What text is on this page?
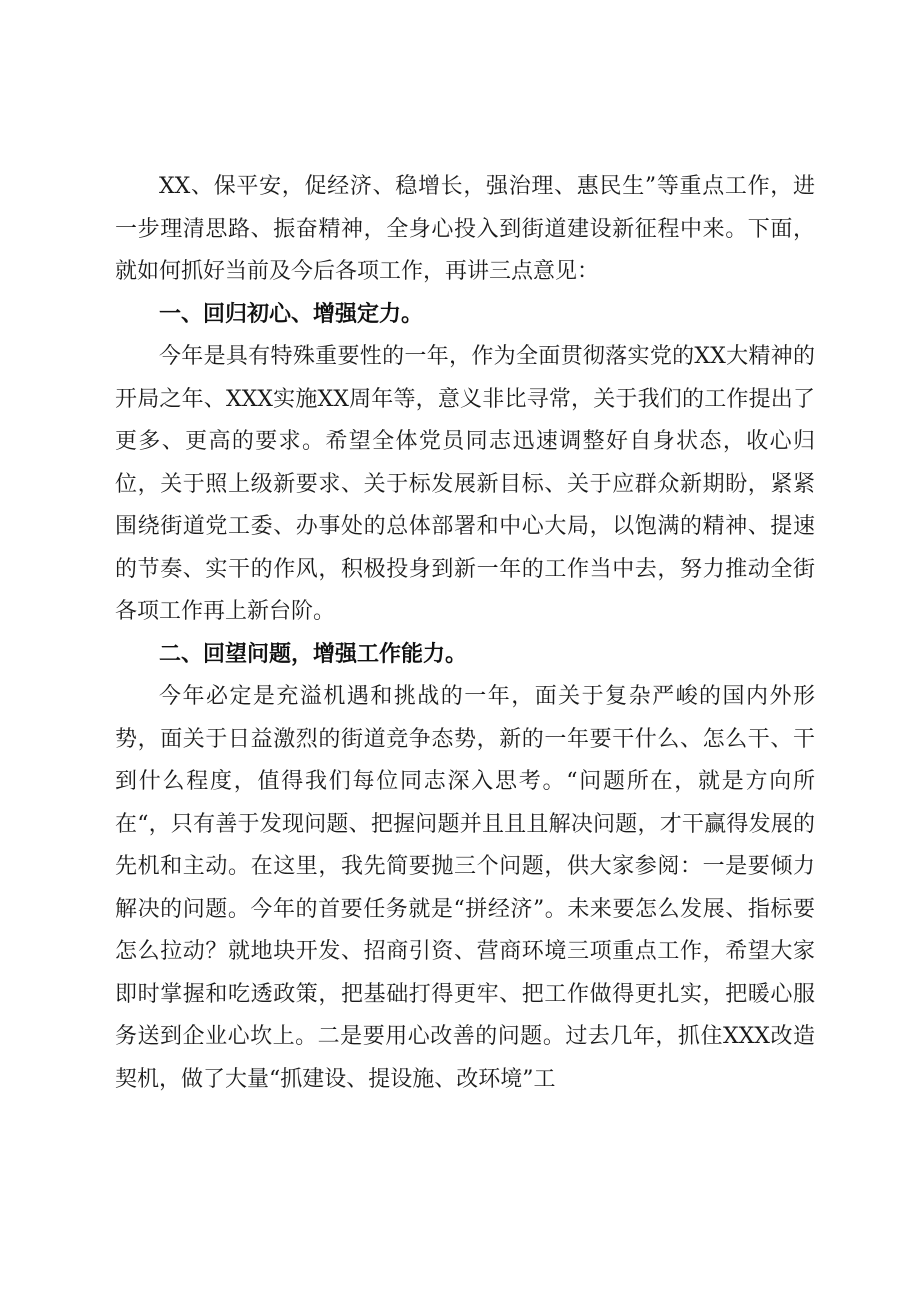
XX、保平安，促经济、稳增长，强治理、惠民生”等重点工作，进一步理清思路、振奋精神，全身心投入到街道建设新征程中来。下面，就如何抓好当前及今后各项工作，再讲三点意见：

一、回归初心、增强定力。

今年是具有特殊重要性的一年，作为全面贯彻落实党的XX大精神的开局之年、XXX实施XX周年等，意义非比寻常，关于我们的工作提出了更多、更高的要求。希望全体党员同志迅速调整好自身状态，收心归位，关于照上级新要求、关于标发展新目标、关于应群众新期盼，紧紧围绕街道党工委、办事处的总体部署和中心大局，以饱满的精神、提速的节奏、实干的作风，积极投身到新一年的工作当中去，努力推动全街各项工作再上新台阶。

二、回望问题，增强工作能力。

今年必定是充溢机遇和挑战的一年，面关于复杂严峻的国内外形势，面关于日益激烈的街道竞争态势，新的一年要干什么、怎么干、干到什么程度，值得我们每位同志深入思考。“问题所在，就是方向所在“，只有善于发现问题、把握问题并且且且解决问题，才干赢得发展的先机和主动。在这里，我先简要抛三个问题，供大家参阅：一是要倾力解决的问题。今年的首要任务就是“拼经济”。未来要怎么发展、指标要怎么拉动？就地块开发、招商引资、营商环境三项重点工作，希望大家即时掌握和吃透政策，把基础打得更牢、把工作做得更扎实，把暖心服务送到企业心坎上。二是要用心改善的问题。过去几年，抓住XXX改造契机，做了大量“抓建设、提设施、改环境”工
